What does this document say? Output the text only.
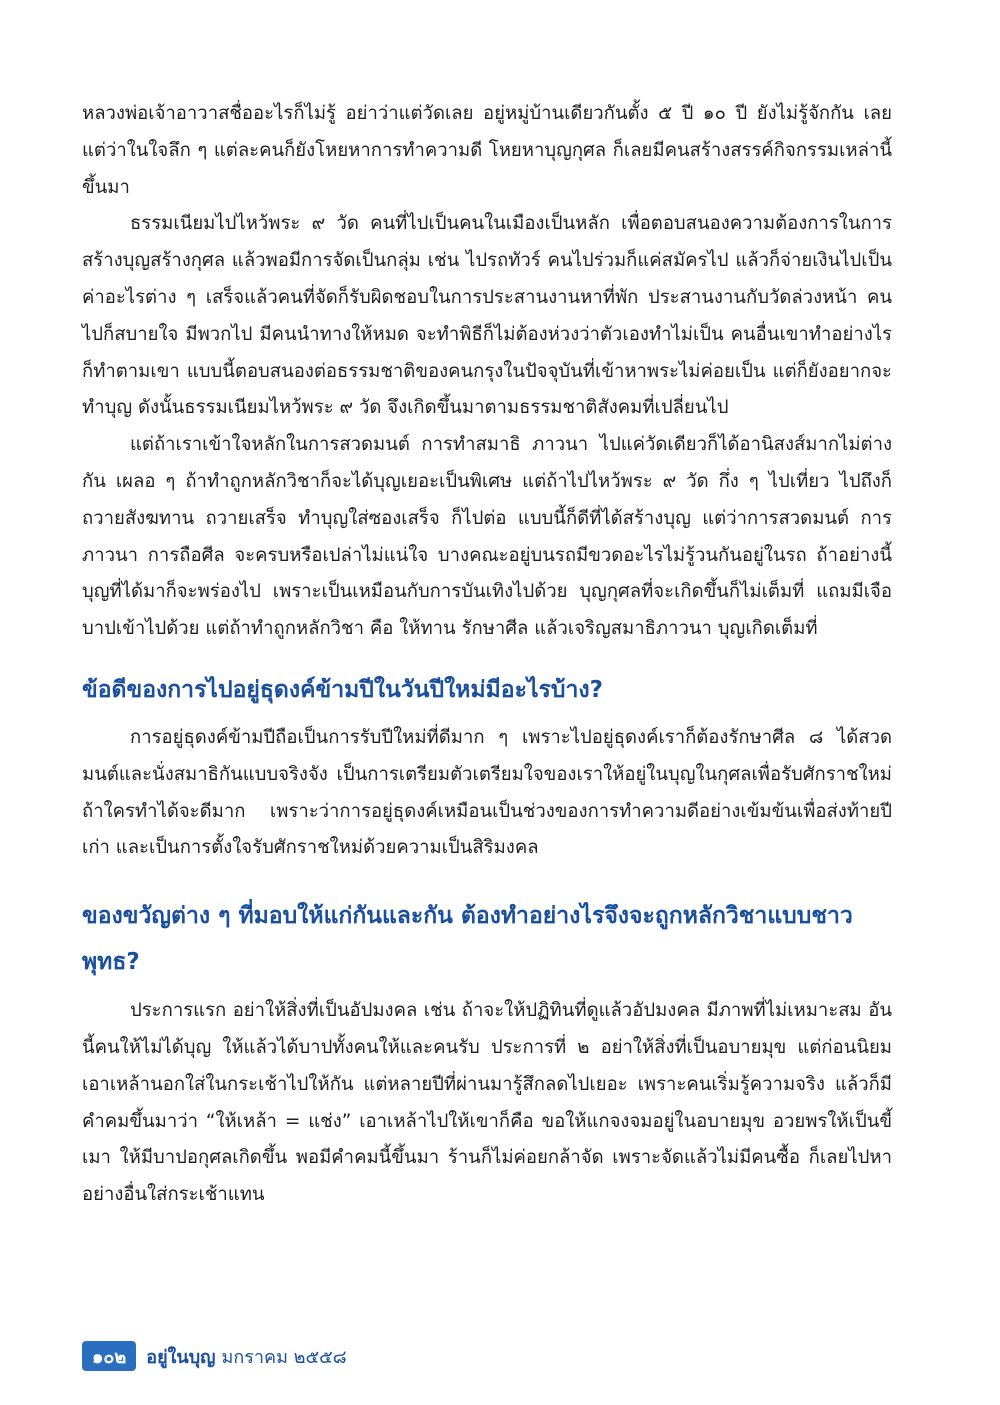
หลวงพ่อเจ้าอาวาสชื่ออะไรก็ไม่รู้ อย่าว่าแต่วัดเลย อยู่หมู่บ้านเดียวกันตั้ง ๕ ปี ๑๐ ปี ยังไม่รู้จักกัน เลย แต่ว่าในใจลึก ๆ แต่ละคนก็ยังโหยหาการทำความดี โหยหาบุญกุศล ก็เลยมีคนสร้างสรรค์กิจกรรมเหล่านี้ขึ้นมา

ธรรมเนียมไปไหว้พระ ๙ วัด คนที่ไปเป็นคนในเมืองเป็นหลัก เพื่อตอบสนองความต้องการในการสร้างบุญสร้างกุศล แล้วพอมีการจัดเป็นกลุ่ม เช่น ไปรถทัวร์ คนไปร่วมก็แค่สมัครไป แล้วก็จ่ายเงินไปเป็นค่าอะไรต่าง ๆ เสร็จแล้วคนที่จัดก็รับผิดชอบในการประสานงานหาที่พัก ประสานงานกับวัดล่วงหน้า คนไปก็สบายใจ มีพวกไป มีคนนำทางให้หมด จะทำพิธีก็ไม่ต้องห่วงว่าตัวเองทำไม่เป็น คนอื่นเขาทำอย่างไรก็ทำตามเขา แบบนี้ตอบสนองต่อธรรมชาติของคนกรุงในปัจจุบันที่เข้าหาพระไม่ค่อยเป็น แต่ก็ยังอยากจะทำบุญ ดังนั้นธรรมเนียมไหว้พระ ๙ วัด จึงเกิดขึ้นมาตามธรรมชาติสังคมที่เปลี่ยนไป

แต่ถ้าเราเข้าใจหลักในการสวดมนต์ การทำสมาธิ ภาวนา ไปแค่วัดเดียวก็ได้อานิสงส์มากไม่ต่างกัน เผลอ ๆ ถ้าทำถูกหลักวิชาก็จะได้บุญเยอะเป็นพิเศษ แต่ถ้าไปไหว้พระ ๙ วัด กึ่ง ๆ ไปเที่ยว ไปถึงก็ถวายสังฆทาน ถวายเสร็จ ทำบุญใส่ซองเสร็จ ก็ไปต่อ แบบนี้ก็ดีที่ได้สร้างบุญ แต่ว่าการสวดมนต์ การภาวนา การถือศีล จะครบหรือเปล่าไม่แน่ใจ บางคณะอยู่บนรถมีขวดอะไรไม่รู้วนกันอยู่ในรถ ถ้าอย่างนี้บุญที่ได้มาก็จะพร่องไป เพราะเป็นเหมือนกับการบันเทิงไปด้วย บุญกุศลที่จะเกิดขึ้นก็ไม่เต็มที่ แถมมีเจือบาปเข้าไปด้วย แต่ถ้าทำถูกหลักวิชา คือ ให้ทาน รักษาศีล แล้วเจริญสมาธิภาวนา บุญเกิดเต็มที่

ข้อดีของการไปอยู่ธุดงค์ข้ามปีในวันปีใหม่มีอะไรบ้าง?

การอยู่ธุดงค์ข้ามปีถือเป็นการรับปีใหม่ที่ดีมาก ๆ เพราะไปอยู่ธุดงค์เราก็ต้องรักษาศีล ๘ ได้สวดมนต์และนั่งสมาธิกันแบบจริงจัง เป็นการเตรียมตัวเตรียมใจของเราให้อยู่ในบุญในกุศลเพื่อรับศักราชใหม่ ถ้าใครทำได้จะดีมาก เพราะว่าการอยู่ธุดงค์เหมือนเป็นช่วงของการทำความดีอย่างเข้มข้นเพื่อส่งท้ายปีเก่า และเป็นการตั้งใจรับศักราชใหม่ด้วยความเป็นสิริมงคล

ของขวัญต่าง ๆ ที่มอบให้แก่กันและกัน ต้องทำอย่างไรจึงจะถูกหลักวิชาแบบชาวพุทธ?

ประการแรก อย่าให้สิ่งที่เป็นอัปมงคล เช่น ถ้าจะให้ปฏิทินที่ดูแล้วอัปมงคล มีภาพที่ไม่เหมาะสม อันนี้คนให้ไม่ได้บุญ ให้แล้วได้บาปทั้งคนให้และคนรับ ประการที่ ๒ อย่าให้สิ่งที่เป็นอบายมุข แต่ก่อนนิยมเอาเหล้านอกใส่ในกระเช้าไปให้กัน แต่หลายปีที่ผ่านมารู้สึกลดไปเยอะ เพราะคนเริ่มรู้ความจริง แล้วก็มีคำคมขึ้นมาว่า “ให้เหล้า = แช่ง” เอาเหล้าไปให้เขาก็คือ ขอให้แกจงจมอยู่ในอบายมุข อวยพรให้เป็นขี้เมา ให้มีบาปอกุศลเกิดขึ้น พอมีคำคมนี้ขึ้นมา ร้านก็ไม่ค่อยกล้าจัด เพราะจัดแล้วไม่มีคนซื้อ ก็เลยไปหาอย่างอื่นใส่กระเช้าแทน

๑๐๒	อยู่ในบุญ มกราคม ๒๕๕๘
